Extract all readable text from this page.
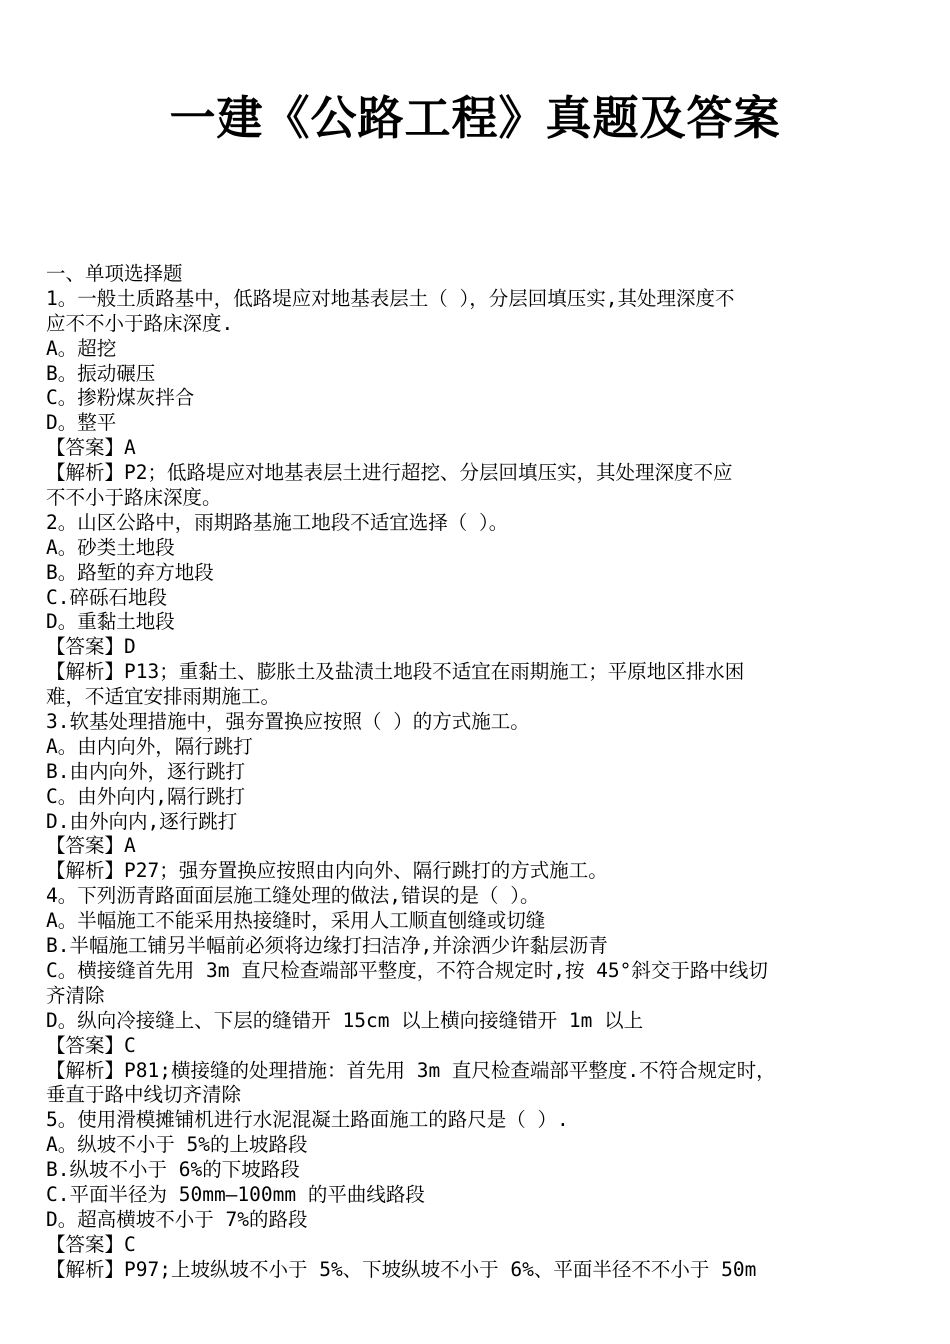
一建《公路工程》真题及答案
一、单项选择题
1。一般土质路基中，低路堤应对地基表层土（ ），分层回填压实,其处理深度不
应不不小于路床深度.
A。超挖
B。振动碾压
C。掺粉煤灰拌合
D。整平
【答案】A
【解析】P2；低路堤应对地基表层土进行超挖、分层回填压实，其处理深度不应
不不小于路床深度。
2。山区公路中，雨期路基施工地段不适宜选择（ ）。
A。砂类土地段
B。路堑的弃方地段
C.碎砾石地段
D。重黏土地段
【答案】D
【解析】P13；重黏土、膨胀土及盐渍土地段不适宜在雨期施工；平原地区排水困
难，不适宜安排雨期施工。
3.软基处理措施中，强夯置换应按照（ ）的方式施工。
A。由内向外，隔行跳打
B.由内向外，逐行跳打
C。由外向内,隔行跳打
D.由外向内,逐行跳打
【答案】A
【解析】P27；强夯置换应按照由内向外、隔行跳打的方式施工。
4。下列沥青路面面层施工缝处理的做法,错误的是（ ）。
A。半幅施工不能采用热接缝时，采用人工顺直刨缝或切缝
B.半幅施工铺另半幅前必须将边缘打扫洁净,并涂洒少许黏层沥青
C。横接缝首先用 3m 直尺检查端部平整度，不符合规定时,按 45°斜交于路中线切
齐清除
D。纵向冷接缝上、下层的缝错开 15cm 以上横向接缝错开 1m 以上
【答案】C
【解析】P81;横接缝的处理措施：首先用 3m 直尺检查端部平整度.不符合规定时，
垂直于路中线切齐清除
5。使用滑模摊铺机进行水泥混凝土路面施工的路尺是（ ）.
A。纵坡不小于 5%的上坡路段
B.纵坡不小于 6%的下坡路段
C.平面半径为 50mm—100mm 的平曲线路段
D。超高横坡不小于 7%的路段
【答案】C
【解析】P97;上坡纵坡不小于 5%、下坡纵坡不小于 6%、平面半径不不小于 50m
